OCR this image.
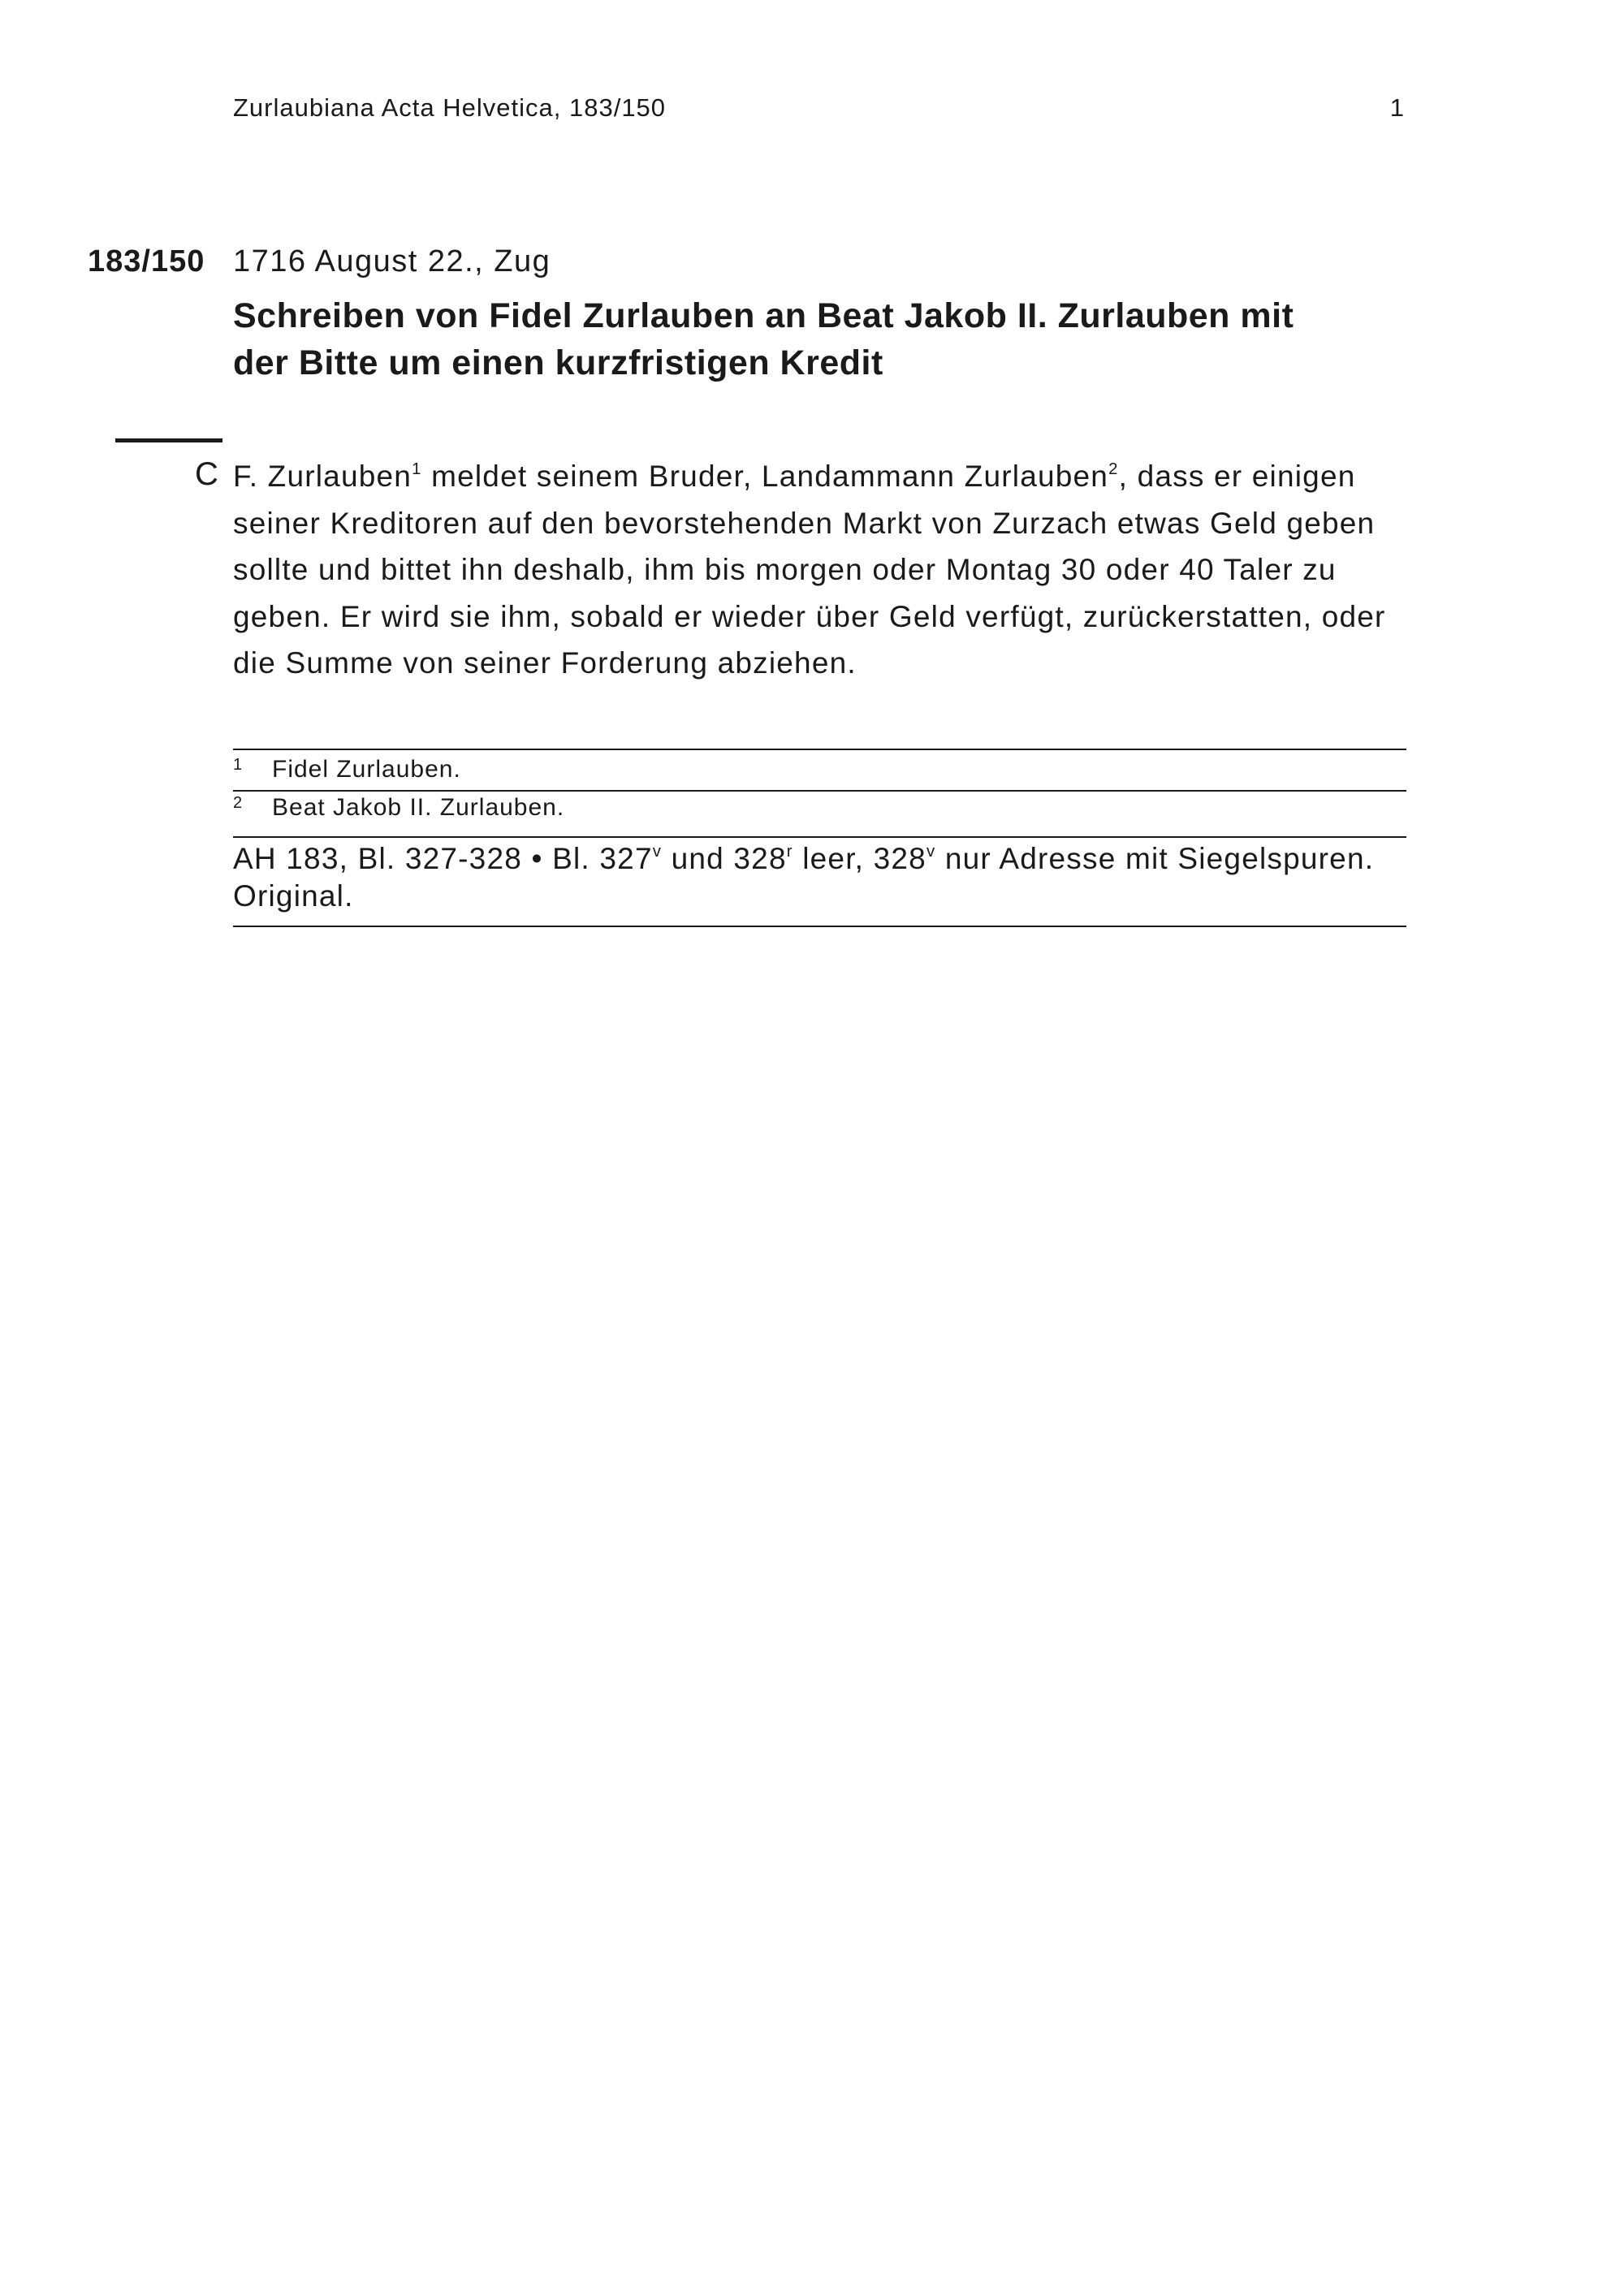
Zurlaubiana Acta Helvetica, 183/150	1
183/150 1716 August 22., Zug
Schreiben von Fidel Zurlauben an Beat Jakob II. Zurlauben mit
der Bitte um einen kurzfristigen Kredit
C F. Zurlauben$^1$ meldet seinem Bruder, Landammann Zurlauben$^2$, dass er einigen seiner Kreditoren auf den bevorstehenden Markt von Zurzach etwas Geld geben sollte und bittet ihn deshalb, ihm bis morgen oder Montag 30 oder 40 Taler zu geben. Er wird sie ihm, sobald er wieder über Geld verfügt, zurückerstatten, oder die Summe von seiner Forderung abziehen.

1 Fidel Zurlauben.
2 Beat Jakob II. Zurlauben.

AH 183, Bl. 327-328 • Bl. 327$^v$ und 328$^r$ leer, 328$^v$ nur Adresse mit Siegelspuren.
Original.
